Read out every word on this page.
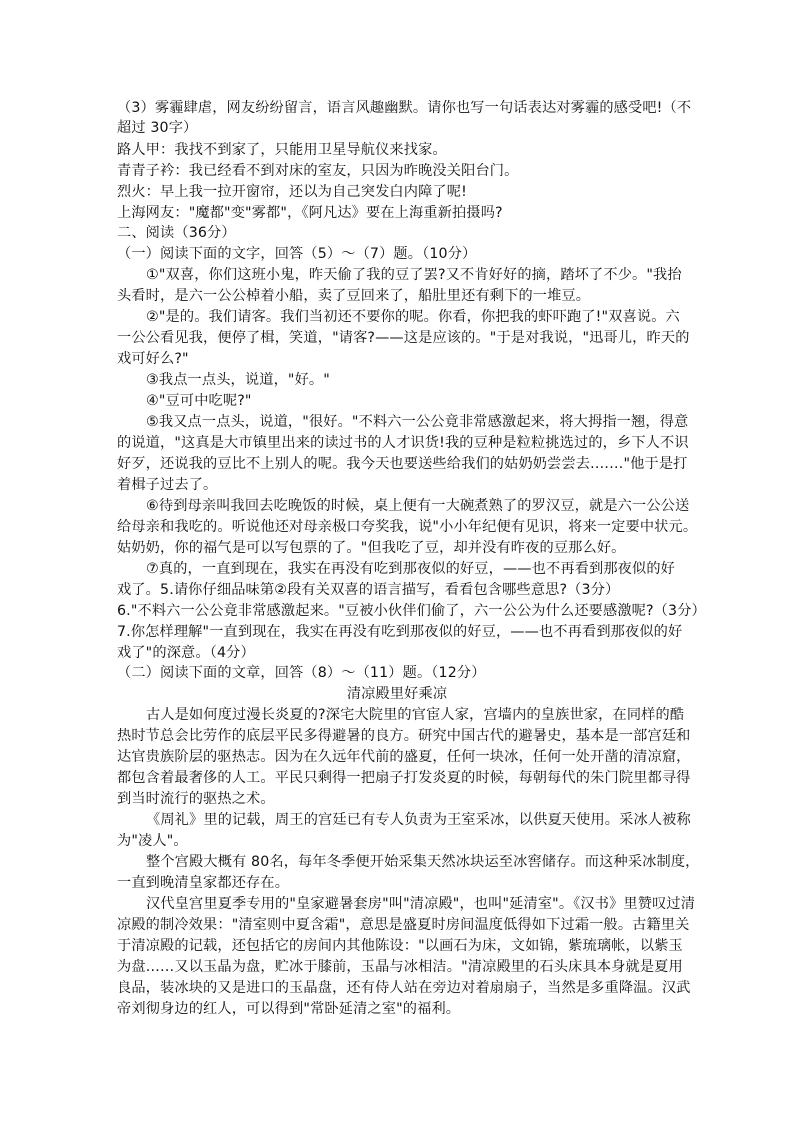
（3）雾霾肆虐，网友纷纷留言，语言风趣幽默。请你也写一句话表达对雾霾的感受吧!（不
超过 30字）
路人甲：我找不到家了，只能用卫星导航仪来找家。
青青子衿：我已经看不到对床的室友，只因为昨晚没关阳台门。
烈火：早上我一拉开窗帘，还以为自己突发白内障了呢!
上海网友："魔都"变"雾都"，《阿凡达》要在上海重新拍摄吗?
二、阅读（36分）
（一）阅读下面的文字，回答（5）～（7）题。（10分）
①"双喜，你们这班小鬼，昨天偷了我的豆了罢?又不肯好好的摘，踏坏了不少。"我抬
头看时，是六一公公棹着小船，卖了豆回来了，船肚里还有剩下的一堆豆。
②"是的。我们请客。我们当初还不要你的呢。你看，你把我的虾吓跑了!"双喜说。六
一公公看见我，便停了楫，笑道，"请客?——这是应该的。"于是对我说，"迅哥儿，昨天的
戏可好么?"
③我点一点头，说道，"好。"
④"豆可中吃呢?"
⑤我又点一点头，说道，"很好。"不料六一公公竟非常感激起来，将大拇指一翘，得意
的说道，"这真是大市镇里出来的读过书的人才识货!我的豆种是粒粒挑选过的，乡下人不识
好歹，还说我的豆比不上别人的呢。我今天也要送些给我们的姑奶奶尝尝去.……"他于是打
着楫子过去了。
⑥待到母亲叫我回去吃晚饭的时候，桌上便有一大碗煮熟了的罗汉豆，就是六一公公送
给母亲和我吃的。听说他还对母亲极口夸奖我，说"小小年纪便有见识，将来一定要中状元。
姑奶奶，你的福气是可以写包票的了。"但我吃了豆，却并没有昨夜的豆那么好。
⑦真的，一直到现在，我实在再没有吃到那夜似的好豆，——也不再看到那夜似的好
戏了。5.请你仔细品味第②段有关双喜的语言描写，看看包含哪些意思?（3分）
6."不料六一公公竟非常感激起来。"豆被小伙伴们偷了，六一公公为什么还要感激呢?（3分）
7.你怎样理解"一直到现在，我实在再没有吃到那夜似的好豆，——也不再看到那夜似的好
戏了"的深意。（4分）
（二）阅读下面的文章，回答（8）～（11）题。（12分）
清凉殿里好乘凉
古人是如何度过漫长炎夏的?深宅大院里的官宦人家，宫墙内的皇族世家，在同样的酷
热时节总会比劳作的底层平民多得避暑的良方。研究中国古代的避暑史，基本是一部宫廷和
达官贵族阶层的驱热志。因为在久远年代前的盛夏，任何一块冰，任何一处开凿的清凉窟，
都包含着最奢侈的人工。平民只剩得一把扇子打发炎夏的时候，每朝每代的朱门院里都寻得
到当时流行的驱热之术。
《周礼》里的记载，周王的宫廷已有专人负责为王室采冰，以供夏天使用。采冰人被称
为"凌人"。
整个宫殿大概有 80名，每年冬季便开始采集天然冰块运至冰窖储存。而这种采冰制度，
一直到晚清皇家都还存在。
汉代皇宫里夏季专用的"皇家避暑套房"叫"清凉殿"，也叫"延清室"。《汉书》里赞叹过清
凉殿的制冷效果："清室则中夏含霜"，意思是盛夏时房间温度低得如下过霜一般。古籍里关
于清凉殿的记载，还包括它的房间内其他陈设："以画石为床，文如锦，紫琉璃帐，以紫玉
为盘……又以玉晶为盘，贮冰于膝前，玉晶与冰相洁。"清凉殿里的石头床具本身就是夏用
良品，装冰块的又是进口的玉晶盘，还有侍人站在旁边对着扇扇子，当然是多重降温。汉武
帝刘彻身边的红人，可以得到"常卧延清之室"的福利。
